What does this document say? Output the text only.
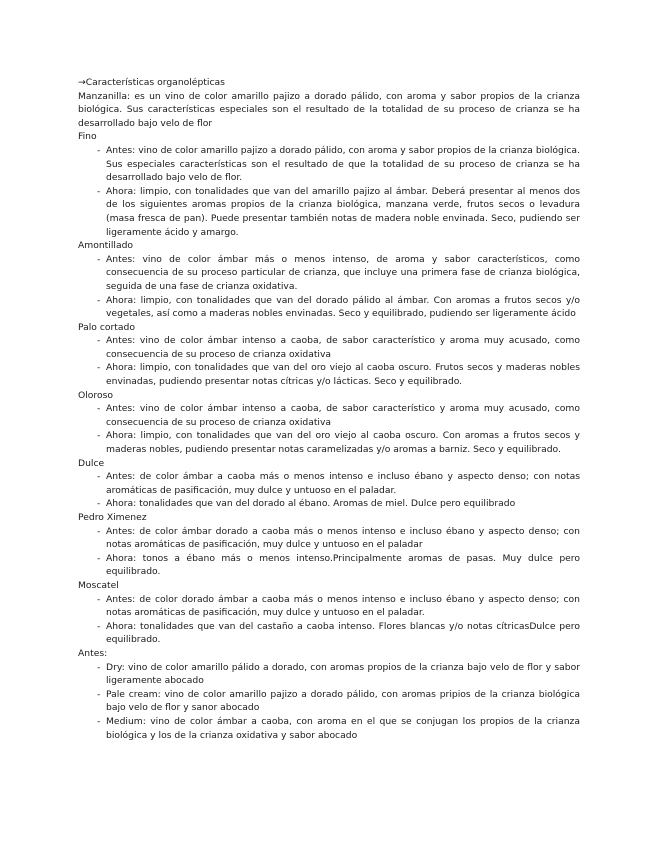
→Características organolépticas

Manzanilla: es un vino de color amarillo pajizo a dorado pálido, con aroma y sabor propios de la crianza biológica. Sus características especiales son el resultado de la totalidad de su proceso de crianza se ha desarrollado bajo velo de flor

Fino

- Antes: vino de color amarillo pajizo a dorado pálido, con aroma y sabor propios de la crianza biológica. Sus especiales características son el resultado de que la totalidad de su proceso de crianza se ha desarrollado bajo velo de flor.
- Ahora: limpio, con tonalidades que van del amarillo pajizo al ámbar. Deberá presentar al menos dos de los siguientes aromas propios de la crianza biológica, manzana verde, frutos secos o levadura (masa fresca de pan). Puede presentar también notas de madera noble envinada. Seco, pudiendo ser ligeramente ácido y amargo.

Amontillado

- Antes: vino de color ámbar más o menos intenso, de aroma y sabor característicos, como consecuencia de su proceso particular de crianza, que incluye una primera fase de crianza biológica, seguida de una fase de crianza oxidativa.
- Ahora: limpio, con tonalidades que van del dorado pálido al ámbar. Con aromas a frutos secos y/o vegetales, así como a maderas nobles envinadas. Seco y equilibrado, pudiendo ser ligeramente ácido

Palo cortado

- Antes: vino de color ámbar intenso a caoba, de sabor característico y aroma muy acusado, como consecuencia de su proceso de crianza oxidativa
- Ahora: limpio, con tonalidades que van del oro viejo al caoba oscuro. Frutos secos y maderas nobles envinadas, pudiendo presentar notas cítricas y/o lácticas. Seco y equilibrado.

Oloroso

- Antes: vino de color ámbar intenso a caoba, de sabor característico y aroma muy acusado, como consecuencia de su proceso de crianza oxidativa
- Ahora: limpio, con tonalidades que van del oro viejo al caoba oscuro. Con aromas a frutos secos y maderas nobles, pudiendo presentar notas caramelizadas y/o aromas a barniz. Seco y equilibrado.

Dulce

- Antes: de color ámbar a caoba más o menos intenso e incluso ébano y aspecto denso; con notas aromáticas de pasificación, muy dulce y untuoso en el paladar.
- Ahora: tonalidades que van del dorado al ébano. Aromas de miel. Dulce pero equilibrado

Pedro Ximenez

- Antes: de color ámbar dorado a caoba más o menos intenso e incluso ébano y aspecto denso; con notas aromáticas de pasificación, muy dulce y untuoso en el paladar
- Ahora: tonos a ébano más o menos intenso.Principalmente aromas de pasas. Muy dulce pero equilibrado.

Moscatel

- Antes: de color dorado ámbar a caoba más o menos intenso e incluso ébano y aspecto denso; con notas aromáticas de pasificación, muy dulce y untuoso en el paladar.
- Ahora: tonalidades que van del castaño a caoba intenso. Flores blancas y/o notas cítricasDulce pero equilibrado.

Antes:

- Dry: vino de color amarillo pálido a dorado, con aromas propios de la crianza bajo velo de flor y sabor ligeramente abocado
- Pale cream: vino de color amarillo pajizo a dorado pálido, con aromas pripios de la crianza biológica bajo velo de flor y sanor abocado
- Medium: vino de color ámbar a caoba, con aroma en el que se conjugan los propios de la crianza biológica y los de la crianza oxidativa y sabor abocado
